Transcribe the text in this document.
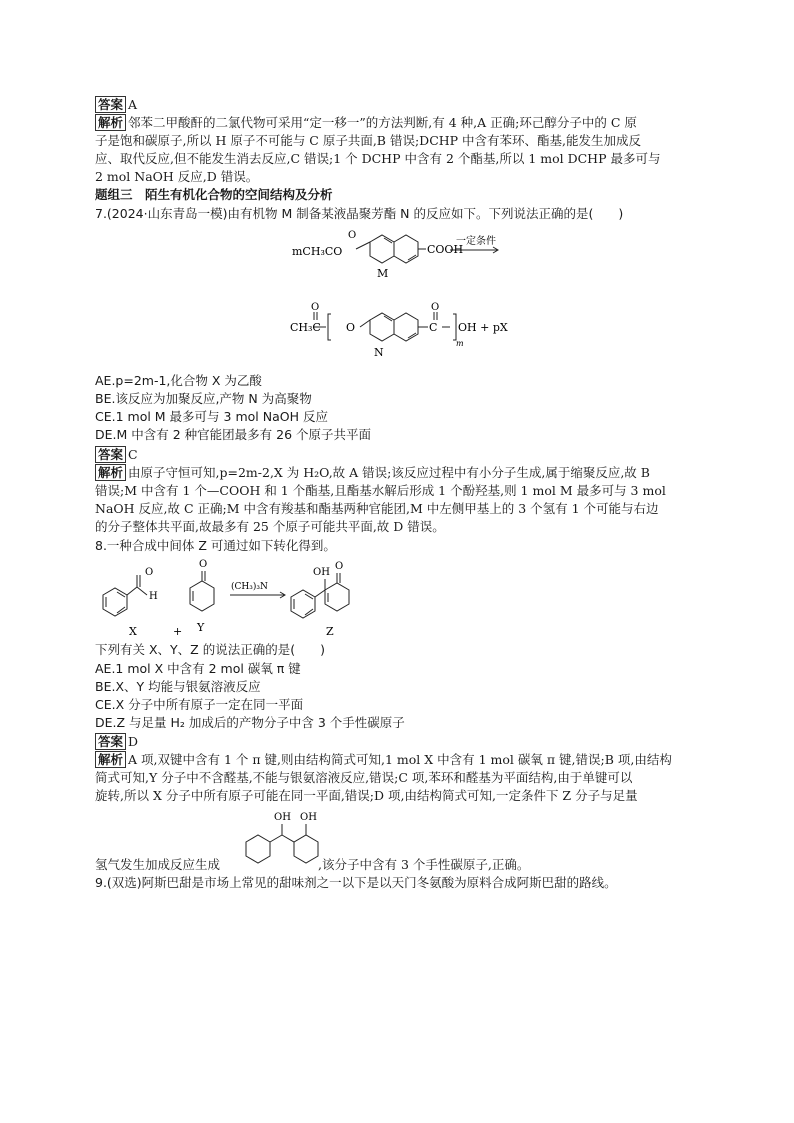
答案 A
解析 邻苯二甲酸酐的二氯代物可采用“定一移一”的方法判断,有 4 种,A 正确;环己醇分子中的 C 原
子是饱和碳原子,所以 H 原子不可能与 C 原子共面,B 错误;DCHP 中含有苯环、酯基,能发生加成反
应、取代反应,但不能发生消去反应,C 错误;1 个 DCHP 中含有 2 个酯基,所以 1 mol DCHP 最多可与
2 mol NaOH 反应,D 错误。
题组三　陌生有机化合物的空间结构及分析
7.(2024·山东青岛一模)由有机物 M 制备某液晶聚芳酯 N 的反应如下。下列说法正确的是(　　)
mCH₃CO
O
COOH
M
一定条件
CH₃C
O
O	C
O
OH + pX
m
N
AE.p=2m-1,化合物 X 为乙酸
BE.该反应为加聚反应,产物 N 为高聚物
CE.1 mol M 最多可与 3 mol NaOH 反应
DE.M 中含有 2 种官能团最多有 26 个原子共平面
答案 C
解析 由原子守恒可知,p=2m-2,X 为 H₂O,故 A 错误;该反应过程中有小分子生成,属于缩聚反应,故 B
错误;M 中含有 1 个—COOH 和 1 个酯基,且酯基水解后形成 1 个酚羟基,则 1 mol M 最多可与 3 mol
NaOH 反应,故 C 正确;M 中含有羧基和酯基两种官能团,M 中左侧甲基上的 3 个氢有 1 个可能与右边
的分子整体共平面,故最多有 25 个原子可能共平面,故 D 错误。
8.一种合成中间体 Z 可通过如下转化得到。
O
H
O
(CH₃)₃N
OH
O
X	+ Y	Z
下列有关 X、Y、Z 的说法正确的是(　　)
AE.1 mol X 中含有 2 mol 碳氧 π 键
BE.X、Y 均能与银氨溶液反应
CE.X 分子中所有原子一定在同一平面
DE.Z 与足量 H₂ 加成后的产物分子中含 3 个手性碳原子
答案 D
解析 A 项,双键中含有 1 个 π 键,则由结构简式可知,1 mol X 中含有 1 mol 碳氧 π 键,错误;B 项,由结构
简式可知,Y 分子中不含醛基,不能与银氨溶液反应,错误;C 项,苯环和醛基为平面结构,由于单键可以
旋转,所以 X 分子中所有原子可能在同一平面,错误;D 项,由结构简式可知,一定条件下 Z 分子与足量
OH OH
氢气发生加成反应生成	,该分子中含有 3 个手性碳原子,正确。
9.(双选)阿斯巴甜是市场上常见的甜味剂之一以下是以天门冬氨酸为原料合成阿斯巴甜的路线。
